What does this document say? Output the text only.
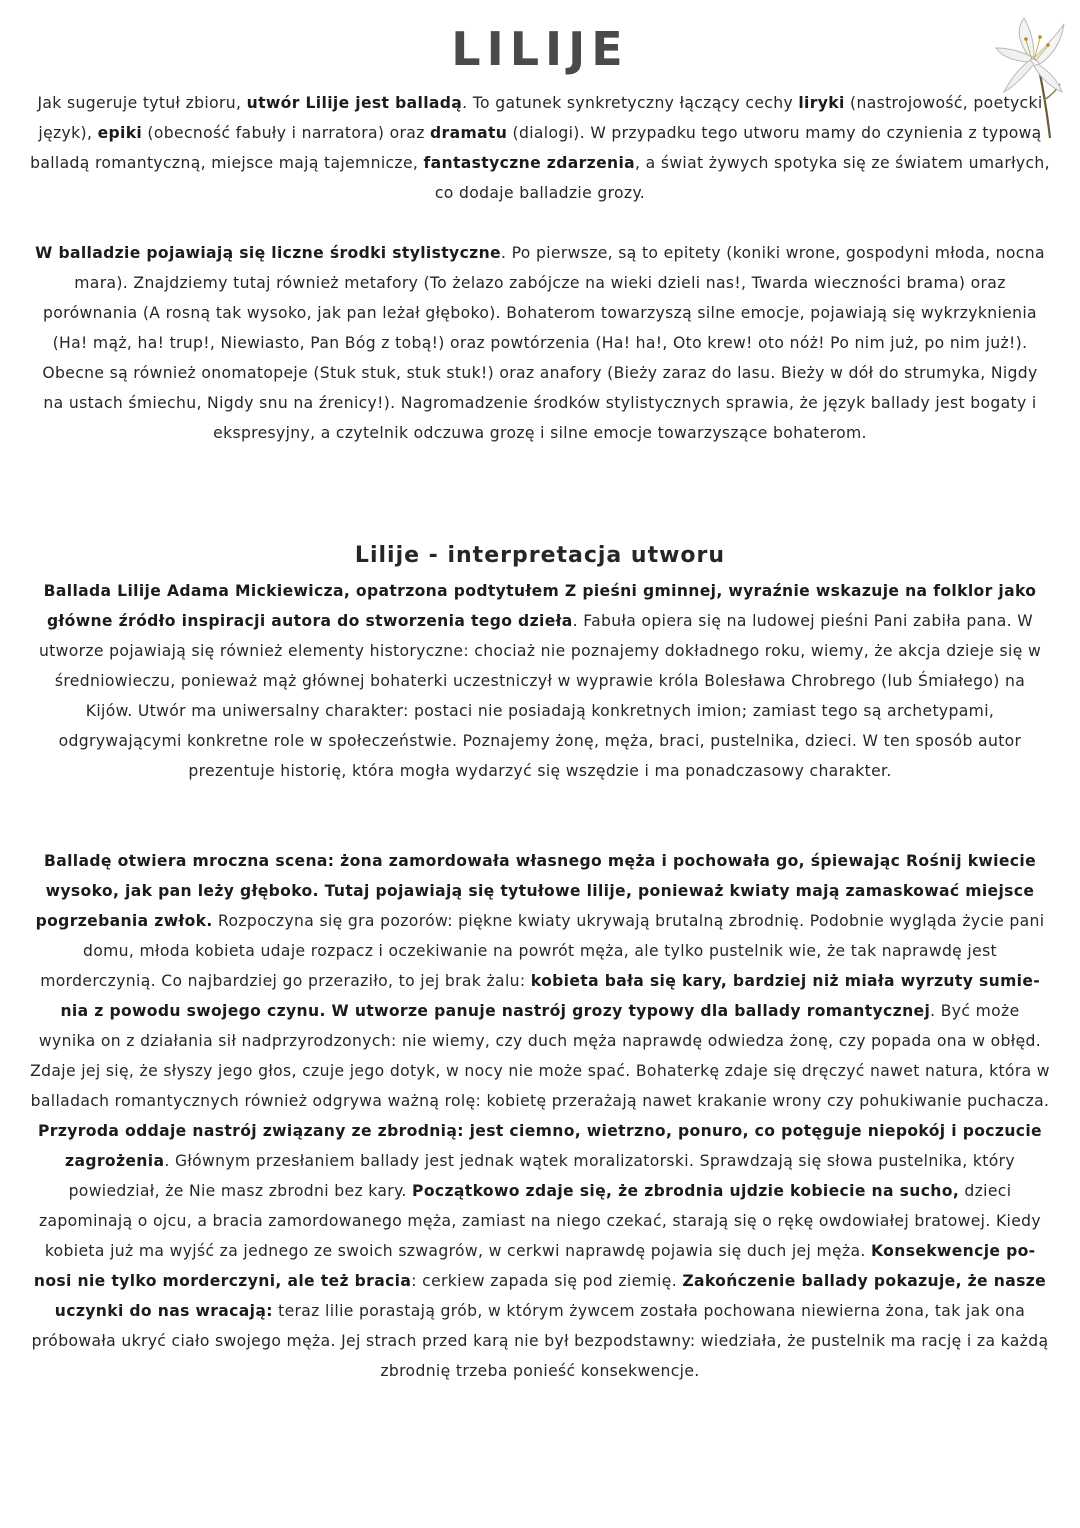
LILIJE

Jak sugeruje tytuł zbioru, utwór Lilije jest balladą. To gatunek synkretyczny łączący cechy liryki (nastrojowość, poetycki język), epiki (obecność fabuły i narratora) oraz dramatu (dialogi). W przypadku tego utworu mamy do czynienia z typową balladą romantyczną, miejsce mają tajemnicze, fantastyczne zdarzenia, a świat żywych spotyka się ze światem umarłych, co dodaje balladzie grozy.

W balladzie pojawiają się liczne środki stylistyczne. Po pierwsze, są to epitety (koniki wrone, gospodyni młoda, nocna mara). Znajdziemy tutaj również metafory (To żelazo zabójcze na wieki dzieli nas!, Twarda wieczności brama) oraz porównania (A rosną tak wysoko, jak pan leżał głęboko). Bohaterom towarzyszą silne emocje, pojawiają się wykrzyknienia (Ha! mąż, ha! trup!, Niewiasto, Pan Bóg z tobą!) oraz powtórzenia (Ha! ha!, Oto krew! oto nóż! Po nim już, po nim już!). Obecne są również onomatopeje (Stuk stuk, stuk stuk!) oraz anafory (Bieży zaraz do lasu. Bieży w dół do strumyka, Nigdy na ustach śmiechu, Nigdy snu na źrenicy!). Nagromadzenie środków stylistycznych sprawia, że język ballady jest bogaty i ekspresyjny, a czytelnik odczuwa grozę i silne emocje towarzyszące bohaterom.

Lilije - interpretacja utworu

Ballada Lilije Adama Mickiewicza, opatrzona podtytułem Z pieśni gminnej, wyraźnie wskazuje na folklor jako główne źródło inspiracji autora do stworzenia tego dzieła. Fabuła opiera się na ludowej pieśni Pani zabiła pana. W utworze pojawiają się również elementy historyczne: chociaż nie poznajemy dokładnego roku, wiemy, że akcja dzieje się w średniowieczu, ponieważ mąż głównej bohaterki uczestniczył w wyprawie króla Bolesława Chrobrego (lub Śmiałego) na Kijów. Utwór ma uniwersalny charakter: postaci nie posiadają konkretnych imion; zamiast tego są archetypami, odgrywającymi konkretne role w społeczeństwie. Poznajemy żonę, męża, braci, pustelnika, dzieci. W ten sposób autor prezentuje historię, która mogła wydarzyć się wszędzie i ma ponadczasowy charakter.

Balladę otwiera mroczna scena: żona zamordowała własnego męża i pochowała go, śpiewając Rośnij kwiecie wysoko, jak pan leży głęboko. Tutaj pojawiają się tytułowe lilije, ponieważ kwiaty mają zamaskować miejsce pogrzebania zwłok. Rozpoczyna się gra pozorów: piękne kwiaty ukrywają brutalną zbrodnię. Podobnie wygląda życie pani domu, młoda kobieta udaje rozpacz i oczekiwanie na powrót męża, ale tylko pustelnik wie, że tak naprawdę jest morderczynią. Co najbardziej go przeraziło, to jej brak żalu: kobieta bała się kary, bardziej niż miała wyrzuty sumienia z powodu swojego czynu. W utworze panuje nastrój grozy typowy dla ballady romantycznej. Być może wynika on z działania sił nadprzyrodzonych: nie wiemy, czy duch męża naprawdę odwiedza żonę, czy popada ona w obłęd. Zdaje jej się, że słyszy jego głos, czuje jego dotyk, w nocy nie może spać. Bohaterkę zdaje się dręczyć nawet natura, która w balladach romantycznych również odgrywa ważną rolę: kobietę przerażają nawet krakanie wrony czy pohukiwanie puchacza. Przyroda oddaje nastrój związany ze zbrodnią: jest ciemno, wietrzno, ponuro, co potęguje niepokój i poczucie zagrożenia. Głównym przesłaniem ballady jest jednak wątek moralizatorski. Sprawdzają się słowa pustelnika, który powiedział, że Nie masz zbrodni bez kary. Początkowo zdaje się, że zbrodnia ujdzie kobiecie na sucho, dzieci zapominają o ojcu, a bracia zamordowanego męża, zamiast na niego czekać, starają się o rękę owdowiałej bratowej. Kiedy kobieta już ma wyjść za jednego ze swoich szwagrów, w cerkwi naprawdę pojawia się duch jej męża. Konsekwencje ponosi nie tylko morderczyni, ale też bracia: cerkiew zapada się pod ziemię. Zakończenie ballady pokazuje, że nasze uczynki do nas wracają: teraz lilie porastają grób, w którym żywcem została pochowana niewierna żona, tak jak ona próbowała ukryć ciało swojego męża. Jej strach przed karą nie był bezpodstawny: wiedziała, że pustelnik ma rację i za każdą zbrodnię trzeba ponieść konsekwencje.
